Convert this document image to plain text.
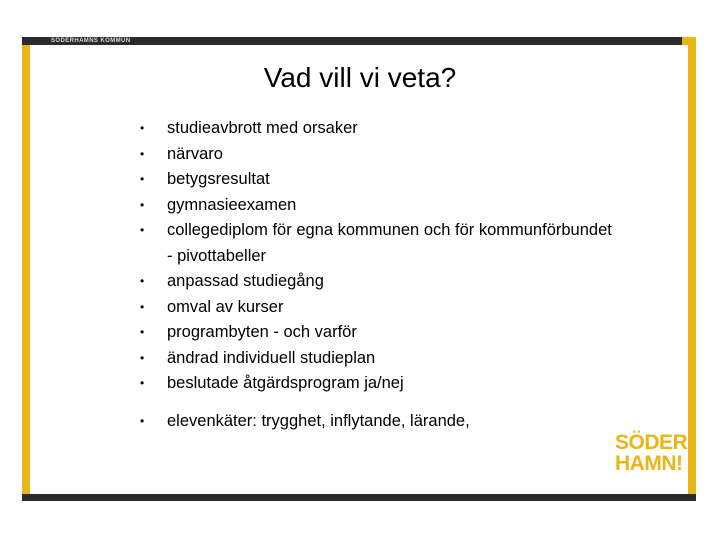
SÖDERHAMNS KOMMUN
Vad vill vi veta?
• studieavbrott med orsaker
• närvaro
• betygsresultat
• gymnasieexamen
• collegediplom för egna kommunen och för kommunförbundet
- pivottabeller
• anpassad studiegång
• omval av kurser
• programbyten - och varför
• ändrad individuell studieplan
• beslutade åtgärdsprogram ja/nej
• elevenkäter: trygghet, inflytande, lärande,
SÖDER
HAMN!
